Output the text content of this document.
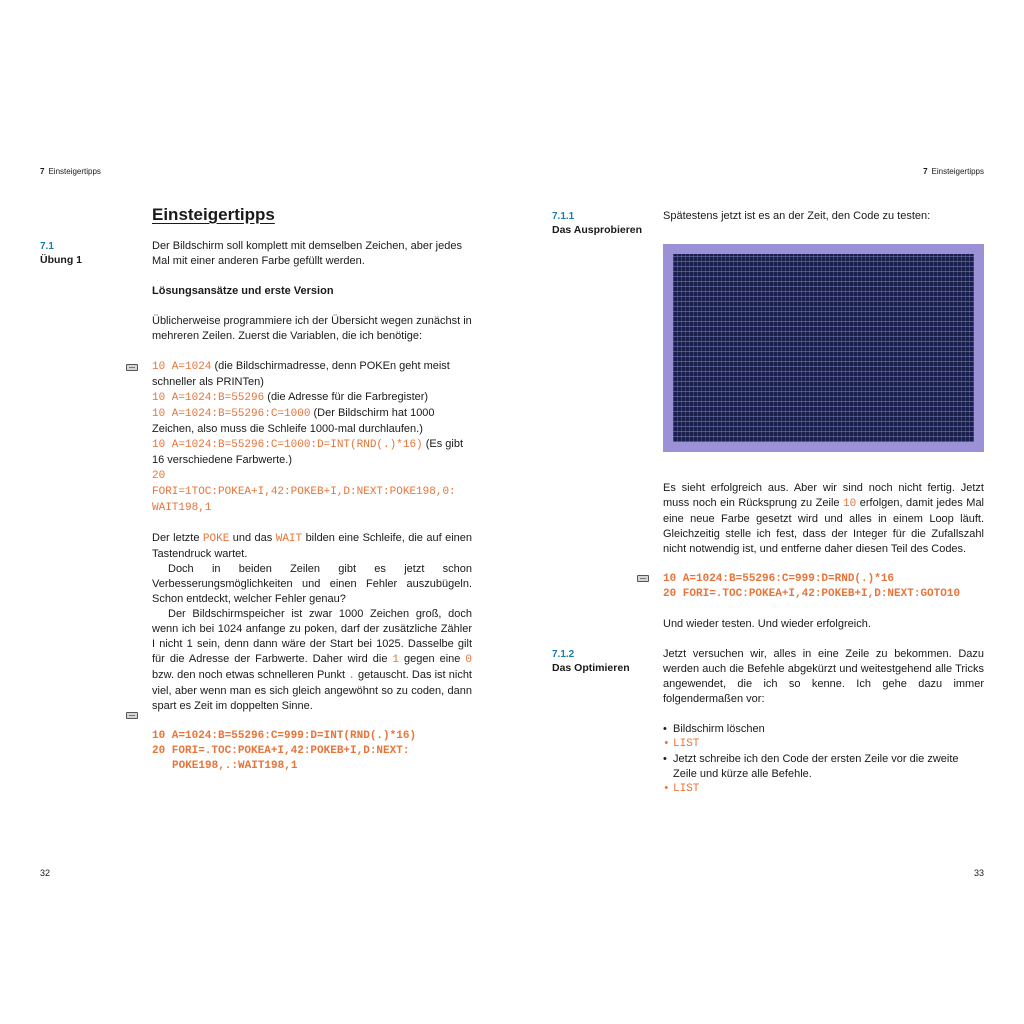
7 Einsteigertipps
Einsteigertipps
7.1
Übung 1

Der Bildschirm soll komplett mit demselben Zeichen, aber jedes Mal mit einer anderen Farbe gefüllt werden.

Lösungsansätze und erste Version

Üblicherweise programmiere ich der Übersicht wegen zunächst in mehreren Zeilen. Zuerst die Variablen, die ich benötige:

10 A=1024 (die Bildschirmadresse, denn POKEn geht meist schneller als PRINTen)
10 A=1024:B=55296 (die Adresse für die Farbregister)
10 A=1024:B=55296:C=1000 (Der Bildschirm hat 1000 Zeichen, also muss die Schleife 1000-mal durchlaufen.)
10 A=1024:B=55296:C=1000:D=INT(RND(.)*16) (Es gibt 16 verschiedene Farbwerte.)
20 FORI=1TOC:POKEA+I,42:POKEB+I,D:NEXT:POKE198,0:
WAIT198,1

Der letzte POKE und das WAIT bilden eine Schleife, die auf einen Tastendruck wartet.

Doch in beiden Zeilen gibt es jetzt schon Verbesserungsmöglichkeiten und einen Fehler auszubügeln. Schon entdeckt, welcher Fehler genau?

Der Bildschirmspeicher ist zwar 1000 Zeichen groß, doch wenn ich bei 1024 anfange zu poken, darf der zusätzliche Zähler I nicht 1 sein, denn dann wäre der Start bei 1025. Dasselbe gilt für die Adresse der Farbwerte. Daher wird die 1 gegen eine 0 bzw. den noch etwas schnelleren Punkt . getauscht. Das ist nicht viel, aber wenn man es sich gleich angewöhnt so zu coden, dann spart es Zeit im doppelten Sinne.

10 A=1024:B=55296:C=999:D=INT(RND(.)*16)
20 FORI=.TOC:POKEA+I,42:POKEB+I,D:NEXT:
POKE198,.:WAIT198,1
32
7 Einsteigertipps
7.1.1
Das Ausprobieren
Spätestens jetzt ist es an der Zeit, den Code zu testen:

Es sieht erfolgreich aus. Aber wir sind noch nicht fertig. Jetzt muss noch ein Rücksprung zu Zeile 10 erfolgen, damit jedes Mal eine neue Farbe gesetzt wird und alles in einem Loop läuft. Gleichzeitig stelle ich fest, dass der Integer für die Zufallszahl nicht notwendig ist, und entferne daher diesen Teil des Codes.

10 A=1024:B=55296:C=999:D=RND(.)*16
20 FORI=.TOC:POKEA+I,42:POKEB+I,D:NEXT:GOTO10

Und wieder testen. Und wieder erfolgreich.

Jetzt versuchen wir, alles in eine Zeile zu bekommen. Dazu werden auch die Befehle abgekürzt und weitestgehend alle Tricks angewendet, die ich so kenne. Ich gehe dazu immer folgendermaßen vor:

• Bildschirm löschen
• LIST
• Jetzt schreibe ich den Code der ersten Zeile vor die zweite Zeile und kürze alle Befehle.
• LIST
7.1.2
Das Optimieren
33
